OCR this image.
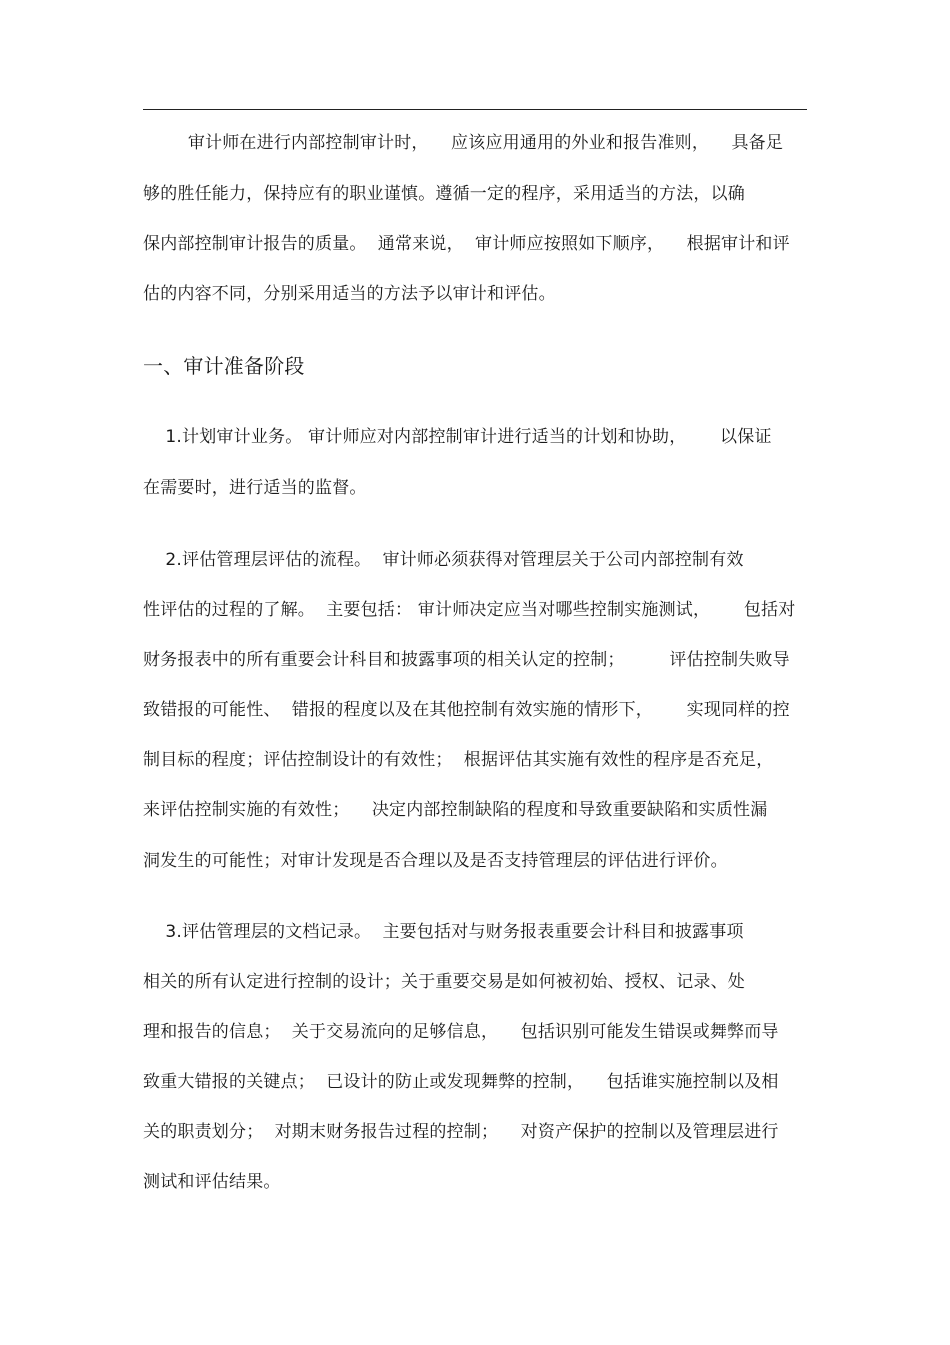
审计师在进行内部控制审计时，    应该应用通用的外业和报告准则，    具备足
够的胜任能力，保持应有的职业谨慎。遵循一定的程序，采用适当的方法，以确
保内部控制审计报告的质量。  通常来说，  审计师应按照如下顺序，    根据审计和评
估的内容不同，分别采用适当的方法予以审计和评估。
一、审计准备阶段
1.计划审计业务。 审计师应对内部控制审计进行适当的计划和协助，      以保证
在需要时，进行适当的监督。
2.评估管理层评估的流程。  审计师必须获得对管理层关于公司内部控制有效
性评估的过程的了解。  主要包括： 审计师决定应当对哪些控制实施测试，      包括对
财务报表中的所有重要会计科目和披露事项的相关认定的控制；        评估控制失败导
致错报的可能性、  错报的程度以及在其他控制有效实施的情形下，      实现同样的控
制目标的程度；评估控制设计的有效性；  根据评估其实施有效性的程序是否充足，
来评估控制实施的有效性；    决定内部控制缺陷的程度和导致重要缺陷和实质性漏
洞发生的可能性；对审计发现是否合理以及是否支持管理层的评估进行评价。
3.评估管理层的文档记录。  主要包括对与财务报表重要会计科目和披露事项
相关的所有认定进行控制的设计；关于重要交易是如何被初始、授权、记录、处
理和报告的信息；  关于交易流向的足够信息，    包括识别可能发生错误或舞弊而导
致重大错报的关键点；  已设计的防止或发现舞弊的控制，    包括谁实施控制以及相
关的职责划分；  对期末财务报告过程的控制；    对资产保护的控制以及管理层进行
测试和评估结果。
